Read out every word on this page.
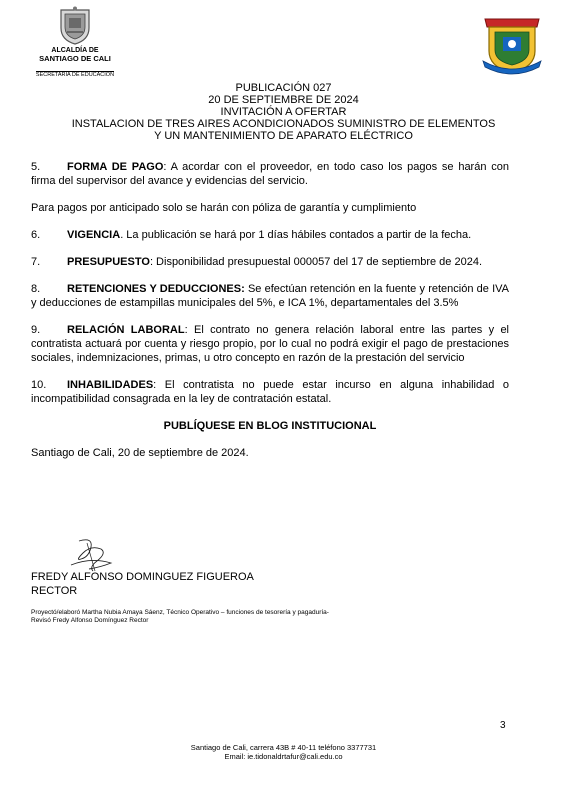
ALCALDÍA DE
SANTIAGO DE CALI
SECRETARÍA DE EDUCACIÓN
PUBLICACIÓN 027
20 DE SEPTIEMBRE DE 2024
INVITACIÓN A OFERTAR
INSTALACION DE TRES AIRES ACONDICIONADOS SUMINISTRO DE ELEMENTOS
Y UN MANTENIMIENTO DE APARATO ELÉCTRICO

5. FORMA DE PAGO: A acordar con el proveedor, en todo caso los pagos se harán con firma del supervisor del avance y evidencias del servicio.

Para pagos por anticipado solo se harán con póliza de garantía y cumplimiento

6. VIGENCIA. La publicación se hará por 1 días hábiles contados a partir de la fecha.

7. PRESUPUESTO: Disponibilidad presupuestal 000057 del 17 de septiembre de 2024.

8. RETENCIONES Y DEDUCCIONES: Se efectúan retención en la fuente y retención de IVA y deducciones de estampillas municipales del 5%, e ICA 1%, departamentales del 3.5%

9. RELACIÓN LABORAL: El contrato no genera relación laboral entre las partes y el contratista actuará por cuenta y riesgo propio, por lo cual no podrá exigir el pago de prestaciones sociales, indemnizaciones, primas, u otro concepto en razón de la prestación del servicio

10. INHABILIDADES: El contratista no puede estar incurso en alguna inhabilidad o incompatibilidad consagrada en la ley de contratación estatal.

PUBLÍQUESE EN BLOG INSTITUCIONAL

Santiago de Cali, 20 de septiembre de 2024.

FREDY ALFONSO DOMINGUEZ FIGUEROA
RECTOR
Proyectó/elaboró Martha Nubia Amaya Sáenz, Técnico Operativo – funciones de tesorería y pagaduría-
Revisó Fredy Alfonso Domínguez Rector
3
Santiago de Cali, carrera 43B # 40-11 teléfono 3377731
Email: ie.tidonaldrtafur@cali.edu.co
